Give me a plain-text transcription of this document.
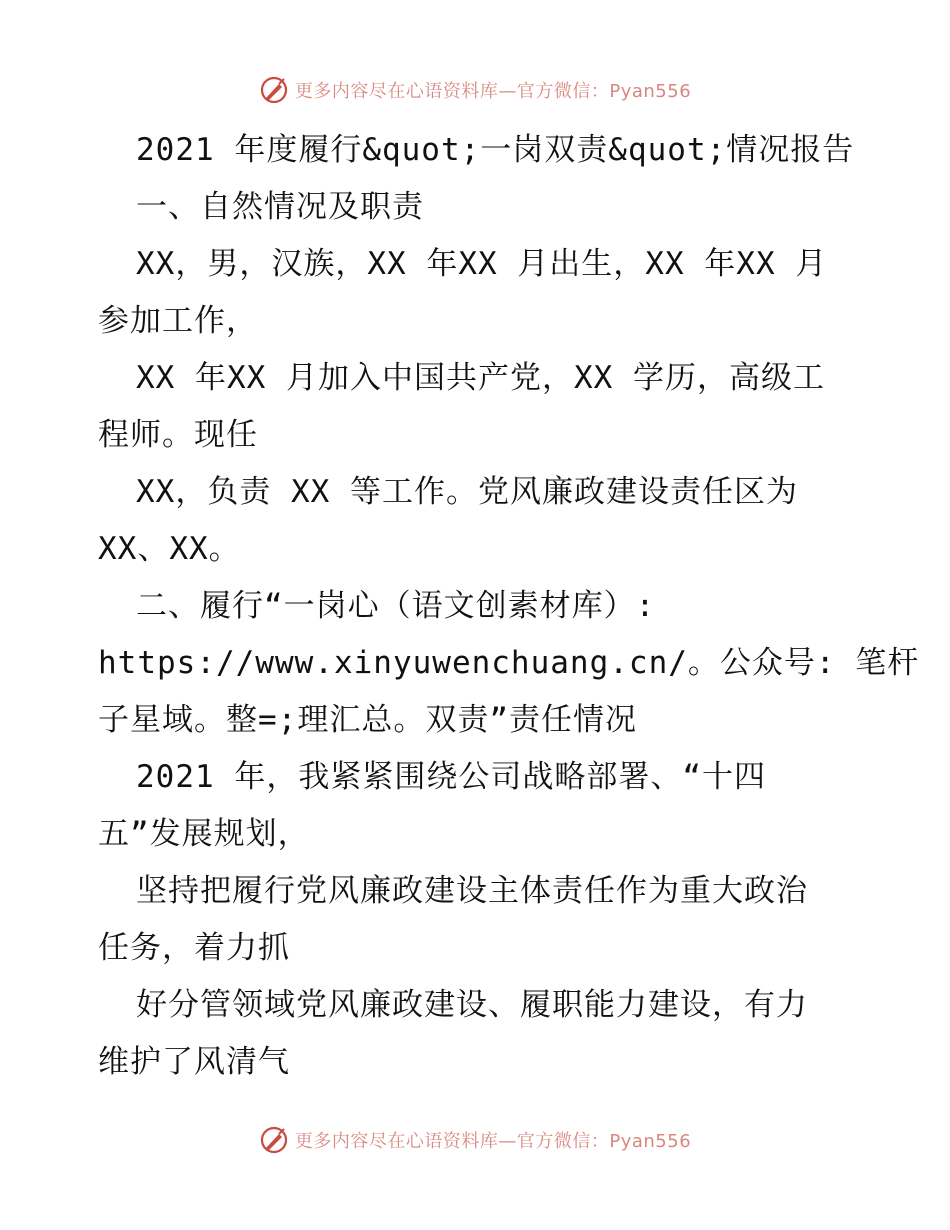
更多内容尽在心语资料库—官方微信：Pyan556
2021 年度履行&quot;一岗双责&quot;情况报告
一、自然情况及职责
XX，男，汉族，XX 年XX 月出生，XX 年XX 月
参加工作，
XX 年XX 月加入中国共产党，XX 学历，高级工
程师。现任
XX，负责 XX 等工作。党风廉政建设责任区为
XX、XX。
二、履行“一岗心（语文创素材库）:
https://www.xinyuwenchuang.cn/。公众号: 笔杆
子星域。整=;理汇总。双责”责任情况
2021 年，我紧紧围绕公司战略部署、“十四
五”发展规划，
坚持把履行党风廉政建设主体责任作为重大政治
任务，着力抓
好分管领域党风廉政建设、履职能力建设，有力
维护了风清气
更多内容尽在心语资料库—官方微信：Pyan556
